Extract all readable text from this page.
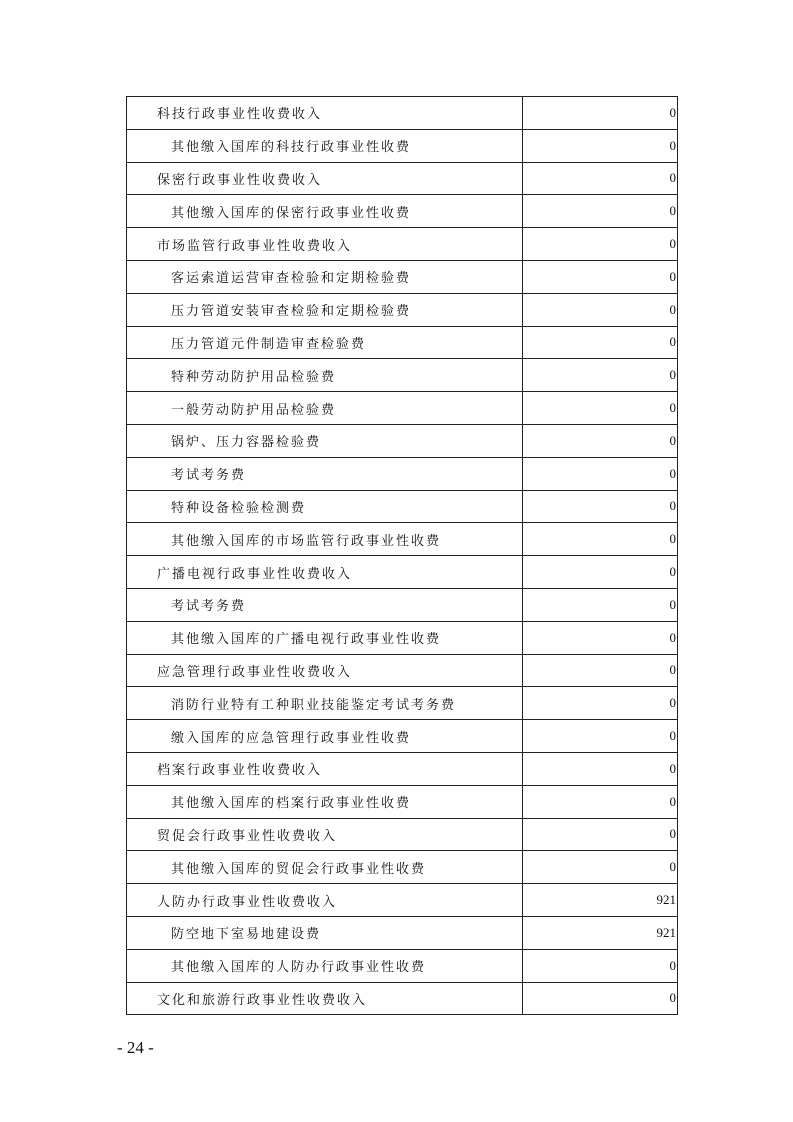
科技行政事业性收费收入	0
其他缴入国库的科技行政事业性收费	0
保密行政事业性收费收入	0
其他缴入国库的保密行政事业性收费	0
市场监管行政事业性收费收入	0
客运索道运营审查检验和定期检验费	0
压力管道安装审查检验和定期检验费	0
压力管道元件制造审查检验费	0
特种劳动防护用品检验费	0
一般劳动防护用品检验费	0
锅炉、压力容器检验费	0
考试考务费	0
特种设备检验检测费	0
其他缴入国库的市场监管行政事业性收费	0
广播电视行政事业性收费收入	0
考试考务费	0
其他缴入国库的广播电视行政事业性收费	0
应急管理行政事业性收费收入	0
消防行业特有工种职业技能鉴定考试考务费	0
缴入国库的应急管理行政事业性收费	0
档案行政事业性收费收入	0
其他缴入国库的档案行政事业性收费	0
贸促会行政事业性收费收入	0
其他缴入国库的贸促会行政事业性收费	0
人防办行政事业性收费收入	921
防空地下室易地建设费	921
其他缴入国库的人防办行政事业性收费	0
文化和旅游行政事业性收费收入	0
- 24 -
